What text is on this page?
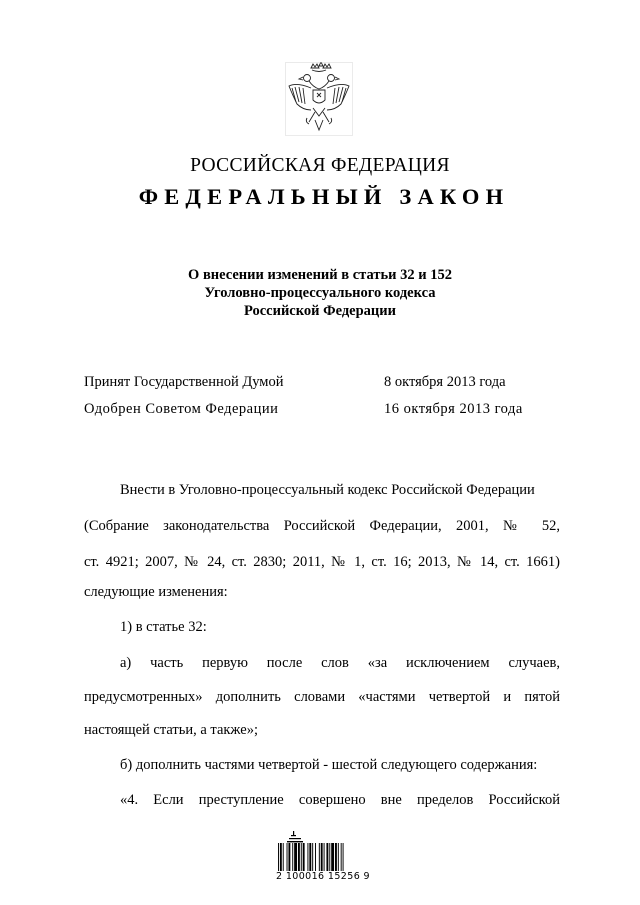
РОССИЙСКАЯ ФЕДЕРАЦИЯ
ФЕДЕРАЛЬНЫЙ ЗАКОН
О внесении изменений в статьи 32 и 152
Уголовно-процессуального кодекса
Российской Федерации
Принят Государственной Думой	8 октября 2013 года
Одобрен Советом Федерации	16 октября 2013 года
Внести в Уголовно-процессуальный кодекс Российской Федерации
(Собрание законодательства Российской Федерации, 2001, № 52,
ст. 4921; 2007, № 24, ст. 2830; 2011, № 1, ст. 16; 2013, № 14, ст. 1661)
следующие изменения:
1) в статье 32:
а) часть первую после слов «за исключением случаев,
предусмотренных» дополнить словами «частями четвертой и пятой
настоящей статьи, а также»;
б) дополнить частями четвертой - шестой следующего содержания:
«4. Если преступление совершено вне пределов Российской
2 100016 15256 9
